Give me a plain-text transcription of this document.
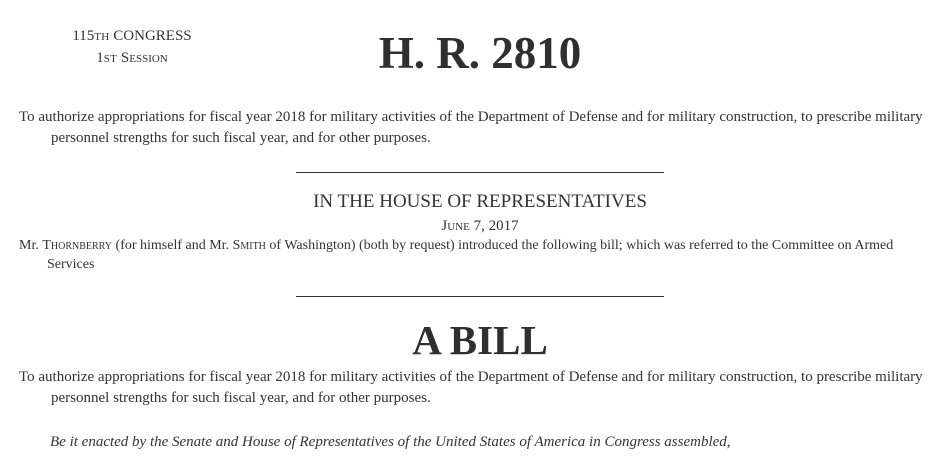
115TH CONGRESS
1ST Session	H. R. 2810
To authorize appropriations for fiscal year 2018 for military activities of the Department of Defense and for military construction, to prescribe military personnel strengths for such fiscal year, and for other purposes.
IN THE HOUSE OF REPRESENTATIVES
June 7, 2017
Mr. Thornberry (for himself and Mr. Smith of Washington) (both by request) introduced the following bill; which was referred to the Committee on Armed Services
A BILL
To authorize appropriations for fiscal year 2018 for military activities of the Department of Defense and for military construction, to prescribe military personnel strengths for such fiscal year, and for other purposes.
Be it enacted by the Senate and House of Representatives of the United States of America in Congress assembled,
